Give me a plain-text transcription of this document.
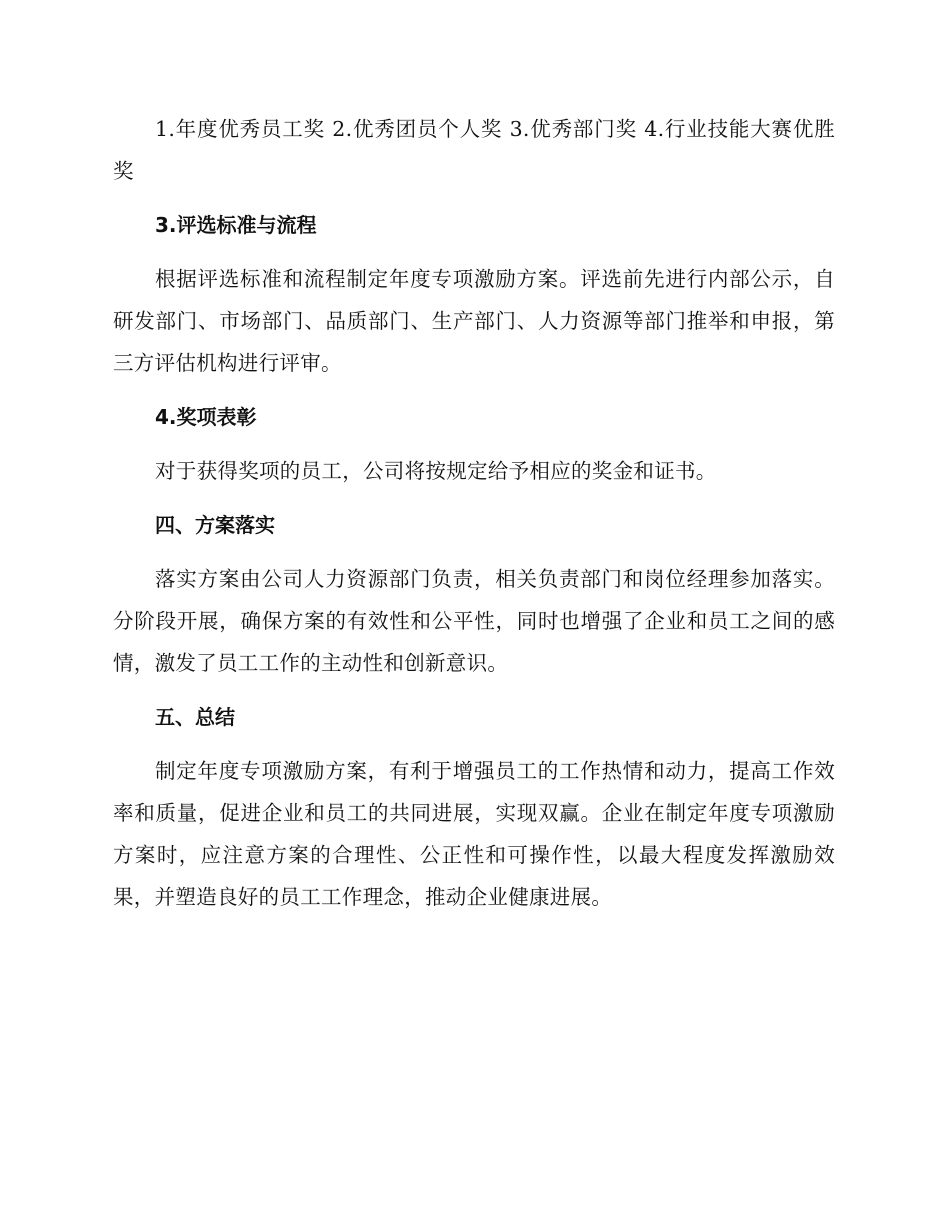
1.年度优秀员工奖 2.优秀团员个人奖 3.优秀部门奖 4.行业技能大赛优胜奖

3.评选标准与流程

根据评选标准和流程制定年度专项激励方案。评选前先进行内部公示，自研发部门、市场部门、品质部门、生产部门、人力资源等部门推举和申报，第三方评估机构进行评审。

4.奖项表彰

对于获得奖项的员工，公司将按规定给予相应的奖金和证书。

四、方案落实

落实方案由公司人力资源部门负责，相关负责部门和岗位经理参加落实。分阶段开展，确保方案的有效性和公平性，同时也增强了企业和员工之间的感情，激发了员工工作的主动性和创新意识。

五、总结

制定年度专项激励方案，有利于增强员工的工作热情和动力，提高工作效率和质量，促进企业和员工的共同进展，实现双赢。企业在制定年度专项激励方案时，应注意方案的合理性、公正性和可操作性，以最大程度发挥激励效果，并塑造良好的员工工作理念，推动企业健康进展。
